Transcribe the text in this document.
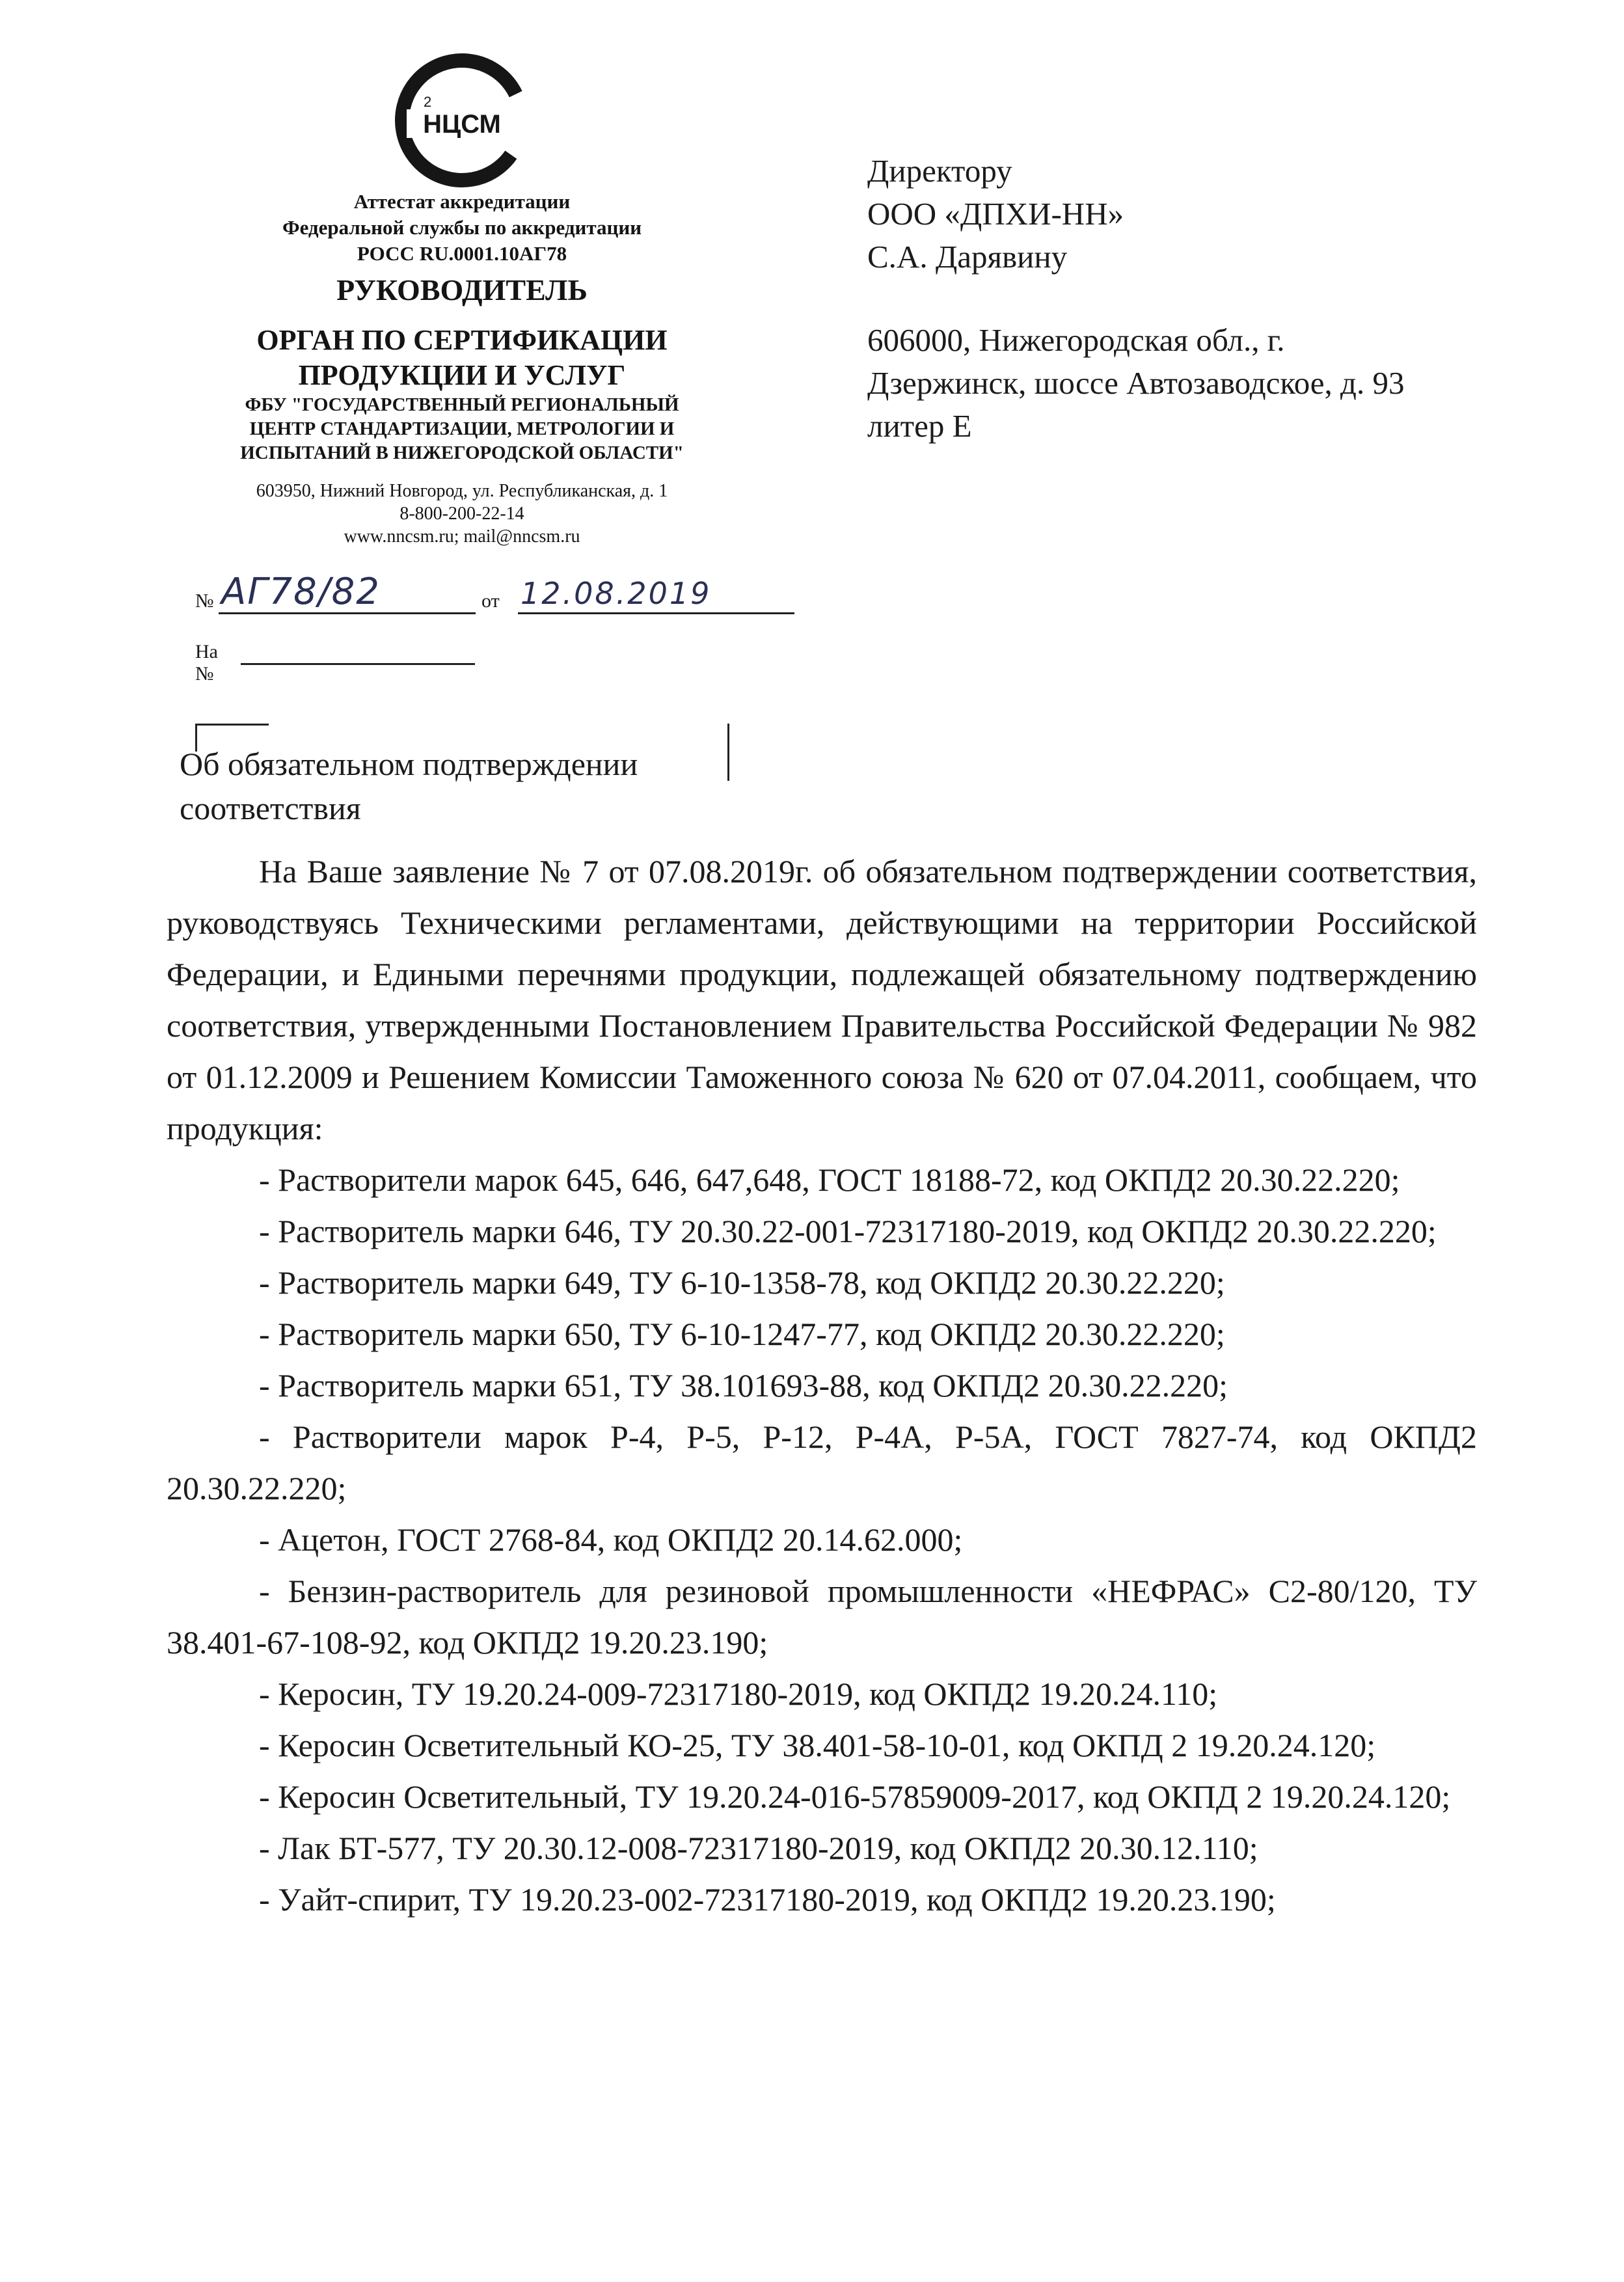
НЦСМ
2
Аттестат аккредитации
Федеральной службы по аккредитации
РОСС RU.0001.10АГ78
РУКОВОДИТЕЛЬ
ОРГАН ПО СЕРТИФИКАЦИИ
ПРОДУКЦИИ И УСЛУГ
ФБУ "ГОСУДАРСТВЕННЫЙ РЕГИОНАЛЬНЫЙ
ЦЕНТР СТАНДАРТИЗАЦИИ, МЕТРОЛОГИИ И
ИСПЫТАНИЙ В НИЖЕГОРОДСКОЙ ОБЛАСТИ"
603950, Нижний Новгород, ул. Республиканская, д. 1
8-800-200-22-14
www.nncsm.ru; mail@nncsm.ru
№ АГ78/82	от 12.08.2019
На №
Директору
ООО «ДПХИ-НН»
С.А. Дарявину
606000, Нижегородская обл., г.
Дзержинск, шоссе Автозаводское, д. 93
литер Е
Об обязательном подтверждении
соответствия

На Ваше заявление № 7 от 07.08.2019г. об обязательном подтверждении соответствия, руководствуясь Техническими регламентами, действующими на территории Российской Федерации, и Едиными перечнями продукции, подлежащей обязательному подтверждению соответствия, утвержденными Постановлением Правительства Российской Федерации № 982 от 01.12.2009 и Решением Комиссии Таможенного союза № 620 от 07.04.2011, сообщаем, что продукция:

- Растворители марок 645, 646, 647,648, ГОСТ 18188-72, код ОКПД2 20.30.22.220;

- Растворитель марки 646, ТУ 20.30.22-001-72317180-2019, код ОКПД2 20.30.22.220;

- Растворитель марки 649, ТУ 6-10-1358-78, код ОКПД2 20.30.22.220;

- Растворитель марки 650, ТУ 6-10-1247-77, код ОКПД2 20.30.22.220;

- Растворитель марки 651, ТУ 38.101693-88, код ОКПД2 20.30.22.220;

- Растворители марок Р-4, Р-5, Р-12, Р-4А, Р-5А, ГОСТ 7827-74, код ОКПД2 20.30.22.220;

- Ацетон, ГОСТ 2768-84, код ОКПД2 20.14.62.000;

- Бензин-растворитель для резиновой промышленности «НЕФРАС» С2-80/120, ТУ 38.401-67-108-92, код ОКПД2 19.20.23.190;

- Керосин, ТУ 19.20.24-009-72317180-2019, код ОКПД2 19.20.24.110;

- Керосин Осветительный КО-25, ТУ 38.401-58-10-01, код ОКПД 2 19.20.24.120;

- Керосин Осветительный, ТУ 19.20.24-016-57859009-2017, код ОКПД 2 19.20.24.120;

- Лак БТ-577, ТУ 20.30.12-008-72317180-2019, код ОКПД2 20.30.12.110;

- Уайт-спирит, ТУ 19.20.23-002-72317180-2019, код ОКПД2 19.20.23.190;
